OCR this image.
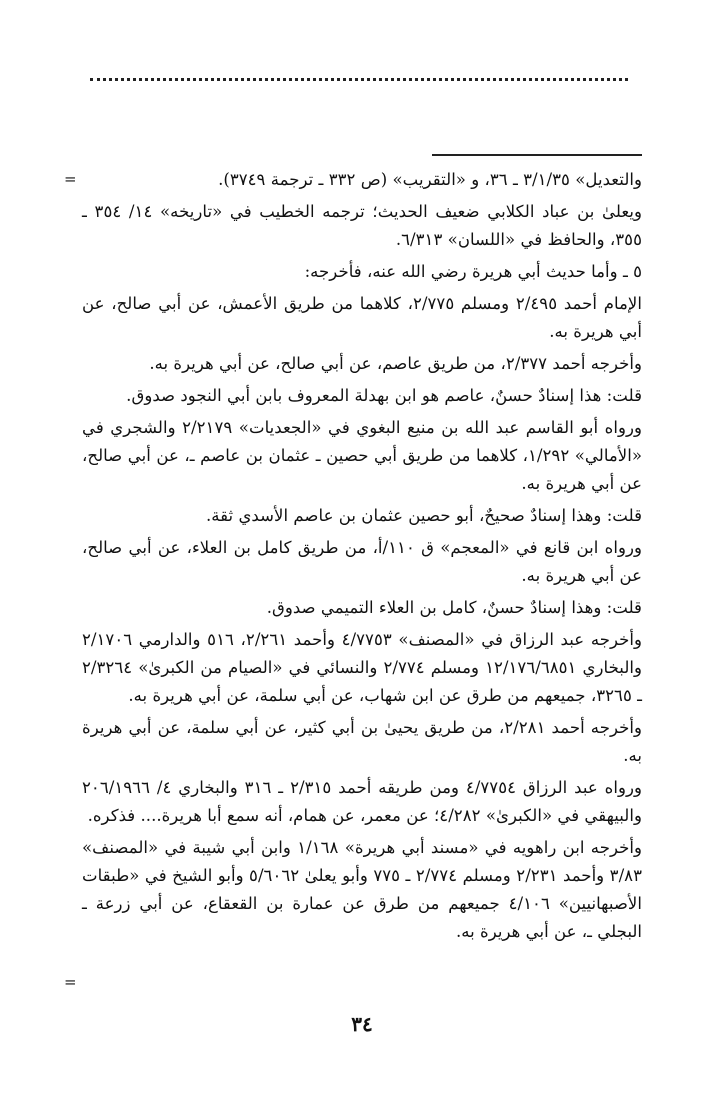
=
=

والتعديل» ٣/١/٣٥ ـ ٣٦، و «التقريب» (ص ٣٣٢ ـ ترجمة ٣٧٤٩).

ويعلىٰ بن عباد الكلابي ضعيف الحديث؛ ترجمه الخطيب في «تاريخه» ١٤/ ٣٥٤ ـ ٣٥٥، والحافظ في «اللسان» ٦/٣١٣.

٥ ـ وأما حديث أبي هريرة رضي الله عنه، فأخرجه:

الإمام أحمد ٢/٤٩٥ ومسلم ٢/٧٧٥، كلاهما من طريق الأعمش، عن أبي صالح، عن أبي هريرة به.

وأخرجه أحمد ٢/٣٧٧، من طريق عاصم، عن أبي صالح، عن أبي هريرة به.

قلت: هذا إسنادٌ حسنٌ، عاصم هو ابن بهدلة المعروف بابن أبي النجود صدوق.

ورواه أبو القاسم عبد الله بن منيع البغوي في «الجعديات» ٢/٢١٧٩ والشجري في «الأمالي» ١/٢٩٢، كلاهما من طريق أبي حصين ـ عثمان بن عاصم ـ، عن أبي صالح، عن أبي هريرة به.

قلت: وهذا إسنادٌ صحيحٌ، أبو حصين عثمان بن عاصم الأسدي ثقة.

ورواه ابن قانع في «المعجم» ق ١١٠/أ، من طريق كامل بن العلاء، عن أبي صالح، عن أبي هريرة به.

قلت: وهذا إسنادٌ حسنٌ، كامل بن العلاء التميمي صدوق.

وأخرجه عبد الرزاق في «المصنف» ٤/٧٧٥٣ وأحمد ٢/٢٦١، ٥١٦ والدارمي ٢/١٧٠٦ والبخاري ١٢/١٧٦/٦٨٥١ ومسلم ٢/٧٧٤ والنسائي في «الصيام من الكبرىٰ» ٢/٣٢٦٤ ـ ٣٢٦٥، جميعهم من طرق عن ابن شهاب، عن أبي سلمة، عن أبي هريرة به.

وأخرجه أحمد ٢/٢٨١، من طريق يحيىٰ بن أبي كثير، عن أبي سلمة، عن أبي هريرة به.

ورواه عبد الرزاق ٤/٧٧٥٤ ومن طريقه أحمد ٢/٣١٥ ـ ٣١٦ والبخاري ٤/ ٢٠٦/١٩٦٦ والبيهقي في «الكبرىٰ» ٤/٢٨٢؛ عن معمر، عن همام، أنه سمع أبا هريرة.... فذكره.

وأخرجه ابن راهويه في «مسند أبي هريرة» ١/١٦٨ وابن أبي شيبة في «المصنف» ٣/٨٣ وأحمد ٢/٢٣١ ومسلم ٢/٧٧٤ ـ ٧٧٥ وأبو يعلىٰ ٥/٦٠٦٢ وأبو الشيخ في «طبقات الأصبهانيين» ٤/١٠٦ جميعهم من طرق عن عمارة بن القعقاع، عن أبي زرعة ـ البجلي ـ، عن أبي هريرة به.

٣٤
